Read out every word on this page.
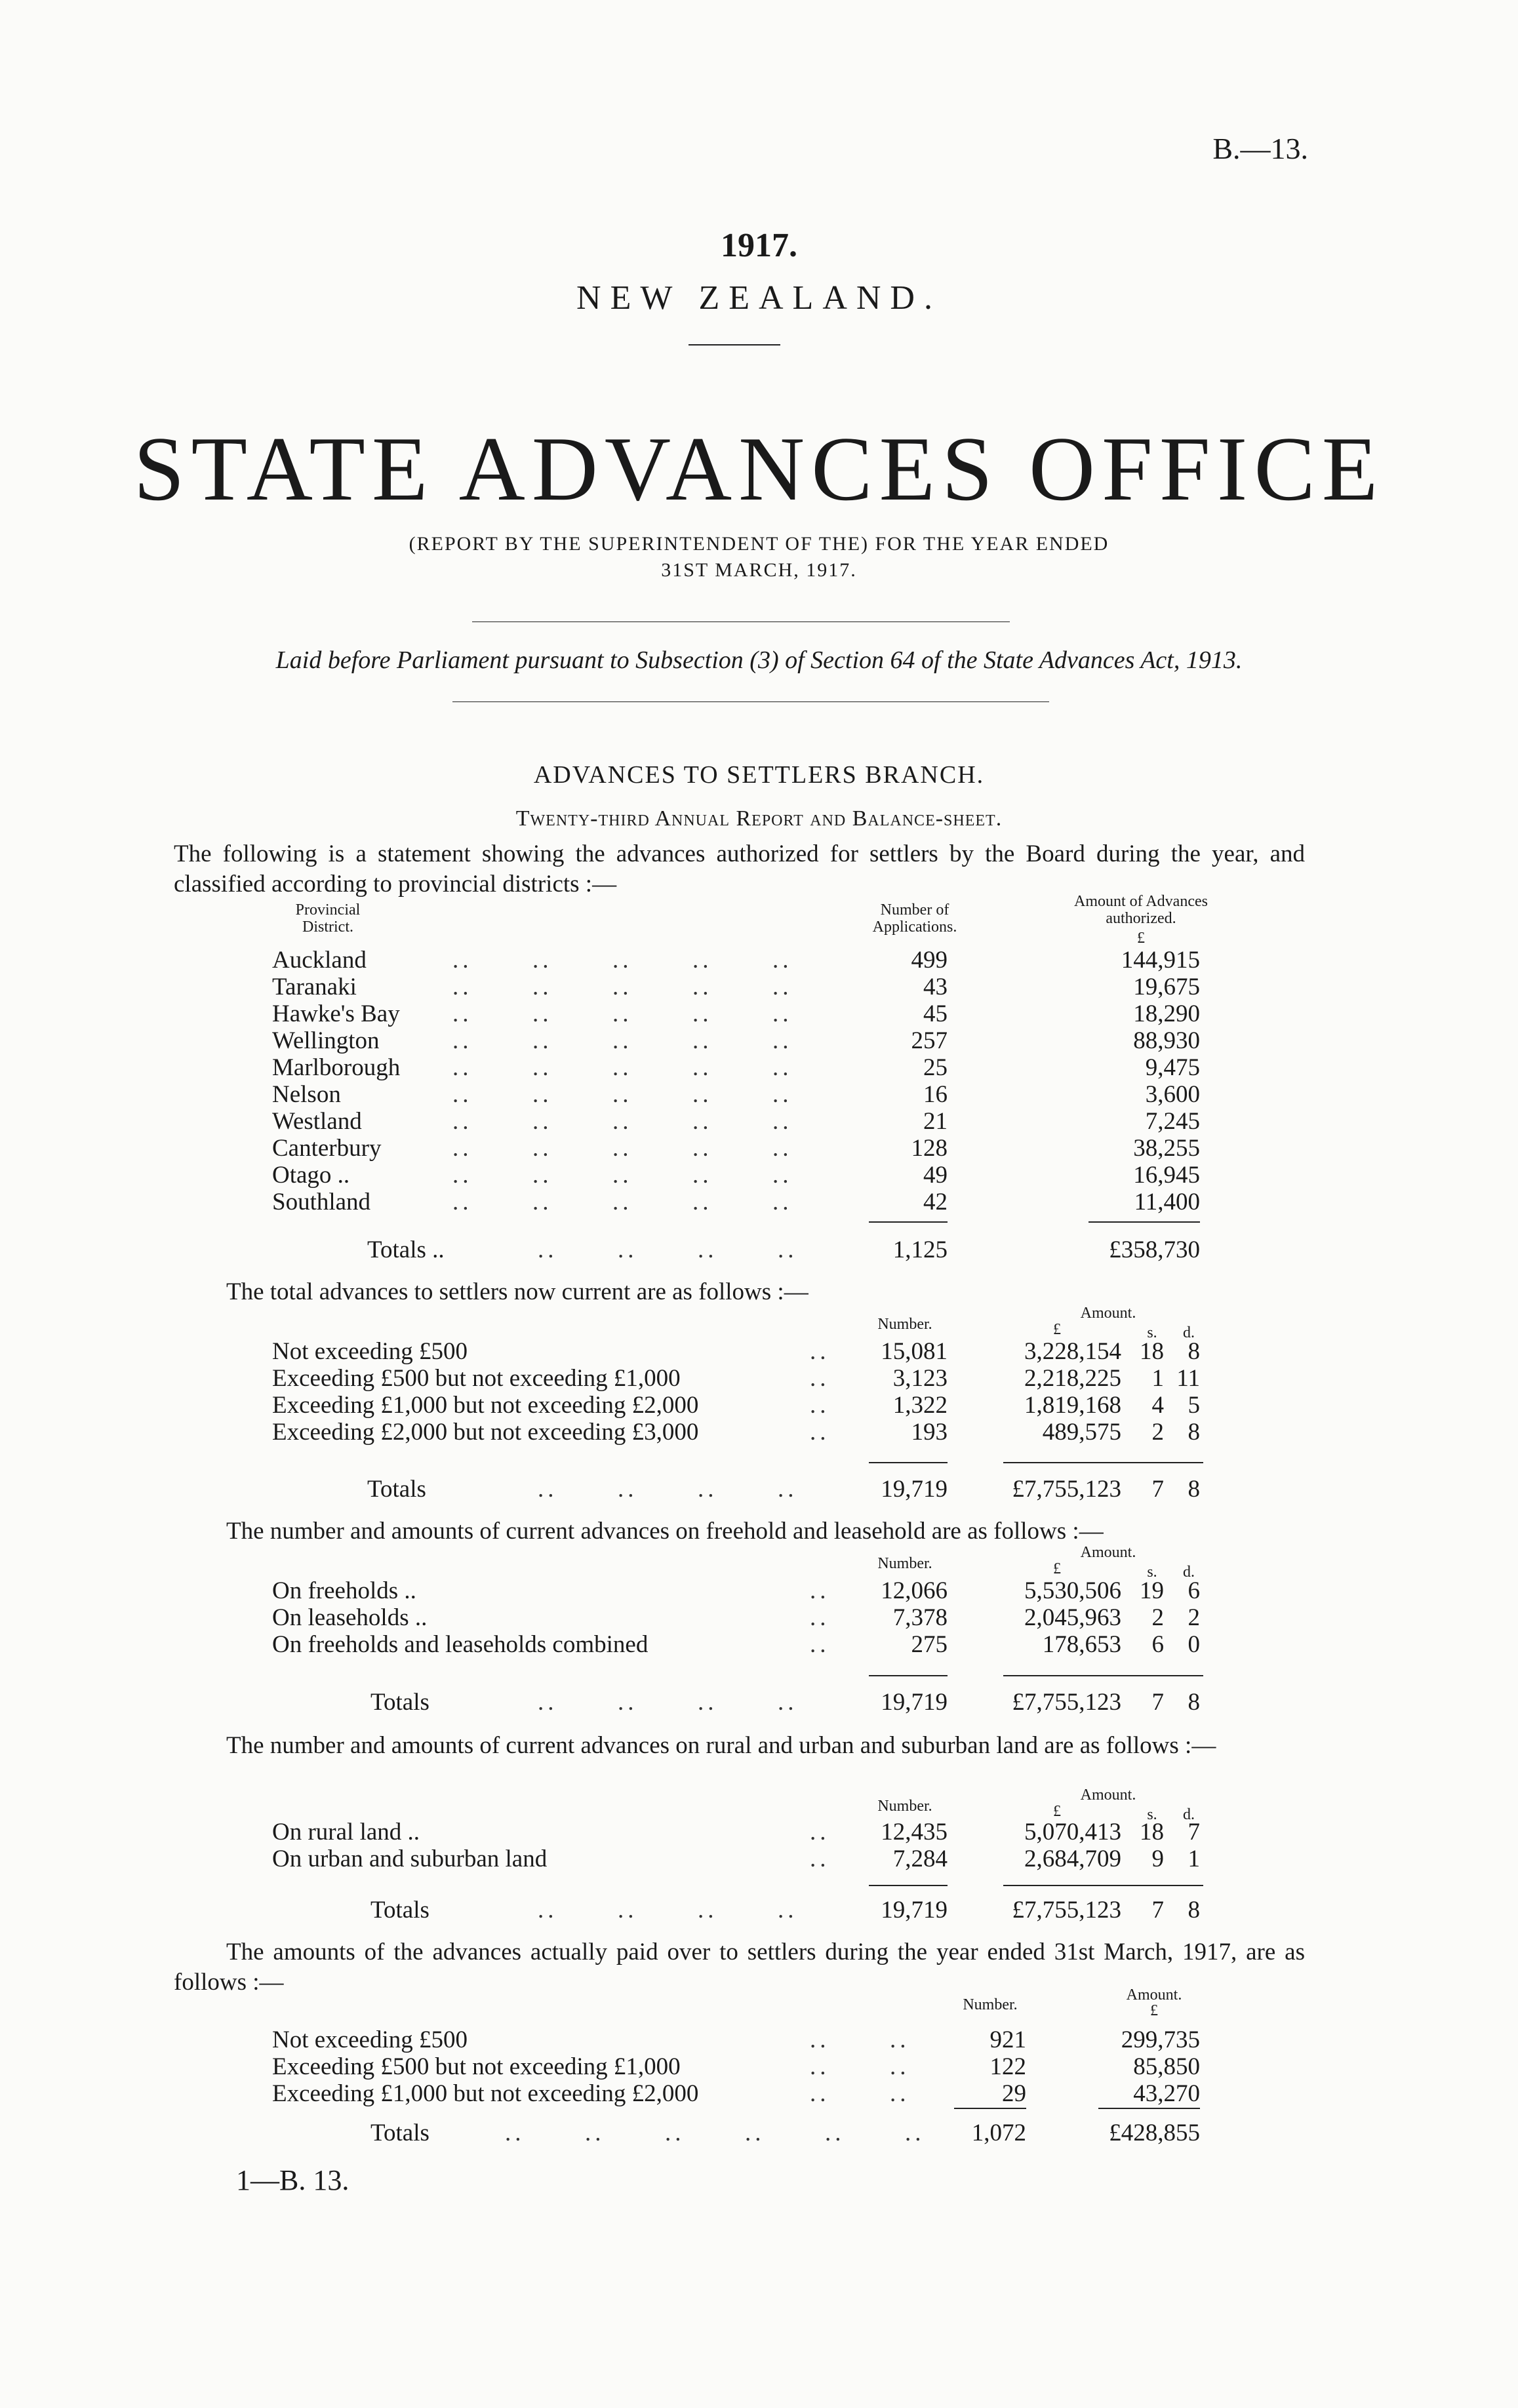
B.—13.
1917.
NEW ZEALAND.
STATE ADVANCES OFFICE
(REPORT BY THE SUPERINTENDENT OF THE) FOR THE YEAR ENDED
31ST MARCH, 1917.
Laid before Parliament pursuant to Subsection (3) of Section 64 of the State Advances Act, 1913.
ADVANCES TO SETTLERS BRANCH.
Twenty-third Annual Report and Balance-sheet.
The following is a statement showing the advances authorized for settlers by the Board during the year, and classified according to provincial districts :—
Provincial District.
Number of Applications.
Amount of Advances authorized.
£
Auckland	..      ..      ..      ..      ..	499	144,915
Taranaki	..      ..      ..      ..      ..	43	19,675
Hawke's Bay ..      ..      ..      ..      ..	45	18,290
Wellington	..      ..      ..      ..      ..	257	88,930
Marlborough ..      ..      ..      ..      ..	25	9,475
Nelson	..      ..      ..      ..      ..	16	3,600
Westland	..      ..      ..      ..      ..	21	7,245
Canterbury	..      ..      ..      ..      ..	128	38,255
Otago ..	..      ..      ..      ..      ..	49	16,945
Southland	..      ..      ..      ..      ..	42	11,400
Totals ..	..      ..      ..      ..	1,125	£358,730
The total advances to settlers now current are as follows :—
Number.
Amount.
£	s.	d.
Not exceeding £500	..	15,081	3,228,154 18 8
Exceeding £500 but not exceeding £1,000	..	3,123	2,218,225	1 11
Exceeding £1,000 but not exceeding £2,000	..	1,322	1,819,168	4 5
Exceeding £2,000 but not exceeding £3,000	..	193	489,575	2 8
Totals	..      ..      ..      ..	19,719	£7,755,123	7 8
The number and amounts of current advances on freehold and leasehold are as follows :—
Number.
Amount.
£	s.	d.
On freeholds ..	..	12,066	5,530,506 19 6
On leaseholds ..	..	7,378	2,045,963	2 2
On freeholds and leaseholds combined	..	275	178,653	6 0
Totals	..      ..      ..      ..	19,719	£7,755,123	7 8
The number and amounts of current advances on rural and urban and suburban land are as follows :—
Number.
Amount.
£	s.	d.
On rural land ..	..	12,435	5,070,413 18 7
On urban and suburban land	..	7,284	2,684,709	9 1
Totals	..      ..      ..      ..	19,719	£7,755,123	7 8
The amounts of the advances actually paid over to settlers during the year ended 31st March, 1917, are as follows :—
Number.
Amount.
£
Not exceeding £500	..      ..	921	299,735
Exceeding £500 but not exceeding £1,000	..      ..	122	85,850
Exceeding £1,000 but not exceeding £2,000	..      ..	29	43,270
Totals	..      ..      ..      ..      ..      ..	1,072	£428,855
1—B. 13.
